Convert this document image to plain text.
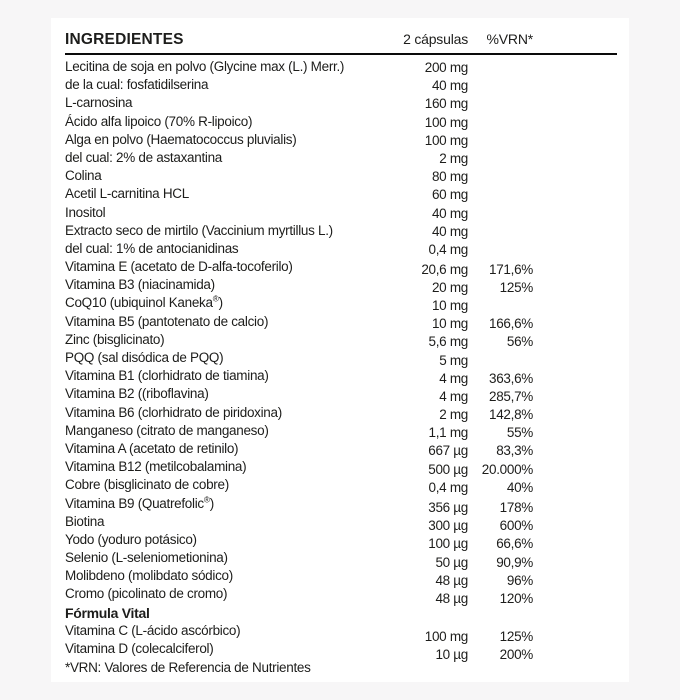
INGREDIENTES	2 cápsulas	%VRN*
Lecitina de soja en polvo (Glycine max (L.) Merr.)	200 mg
de la cual: fosfatidilserina	40 mg
L-carnosina	160 mg
Ácido alfa lipoico (70% R-lipoico)	100 mg
Alga en polvo (Haematococcus pluvialis)	100 mg
del cual: 2% de astaxantina	2 mg
Colina	80 mg
Acetil L-carnitina HCL	60 mg
Inositol	40 mg
Extracto seco de mirtilo (Vaccinium myrtillus L.)	40 mg
del cual: 1% de antocianidinas	0,4 mg
Vitamina E (acetato de D-alfa-tocoferilo)	20,6 mg	171,6%
Vitamina B3 (niacinamida)	20 mg	125%
CoQ10 (ubiquinol Kaneka®)	10 mg
Vitamina B5 (pantotenato de calcio)	10 mg	166,6%
Zinc (bisglicinato)	5,6 mg	56%
PQQ (sal disódica de PQQ)	5 mg
Vitamina B1 (clorhidrato de tiamina)	4 mg	363,6%
Vitamina B2 ((riboflavina)	4 mg	285,7%
Vitamina B6 (clorhidrato de piridoxina)	2 mg	142,8%
Manganeso (citrato de manganeso)	1,1 mg	55%
Vitamina A (acetato de retinilo)	667 µg	83,3%
Vitamina B12 (metilcobalamina)	500 µg	20.000%
Cobre (bisglicinato de cobre)	0,4 mg	40%
Vitamina B9 (Quatrefolic®)	356 µg	178%
Biotina	300 µg	600%
Yodo (yoduro potásico)	100 µg	66,6%
Selenio (L-seleniometionina)	50 µg	90,9%
Molibdeno (molibdato sódico)	48 µg	96%
Cromo (picolinato de cromo)	48 µg	120%
Fórmula Vital
Vitamina C (L-ácido ascórbico)	100 mg	125%
Vitamina D (colecalciferol)	10 µg	200%
*VRN: Valores de Referencia de Nutrientes
